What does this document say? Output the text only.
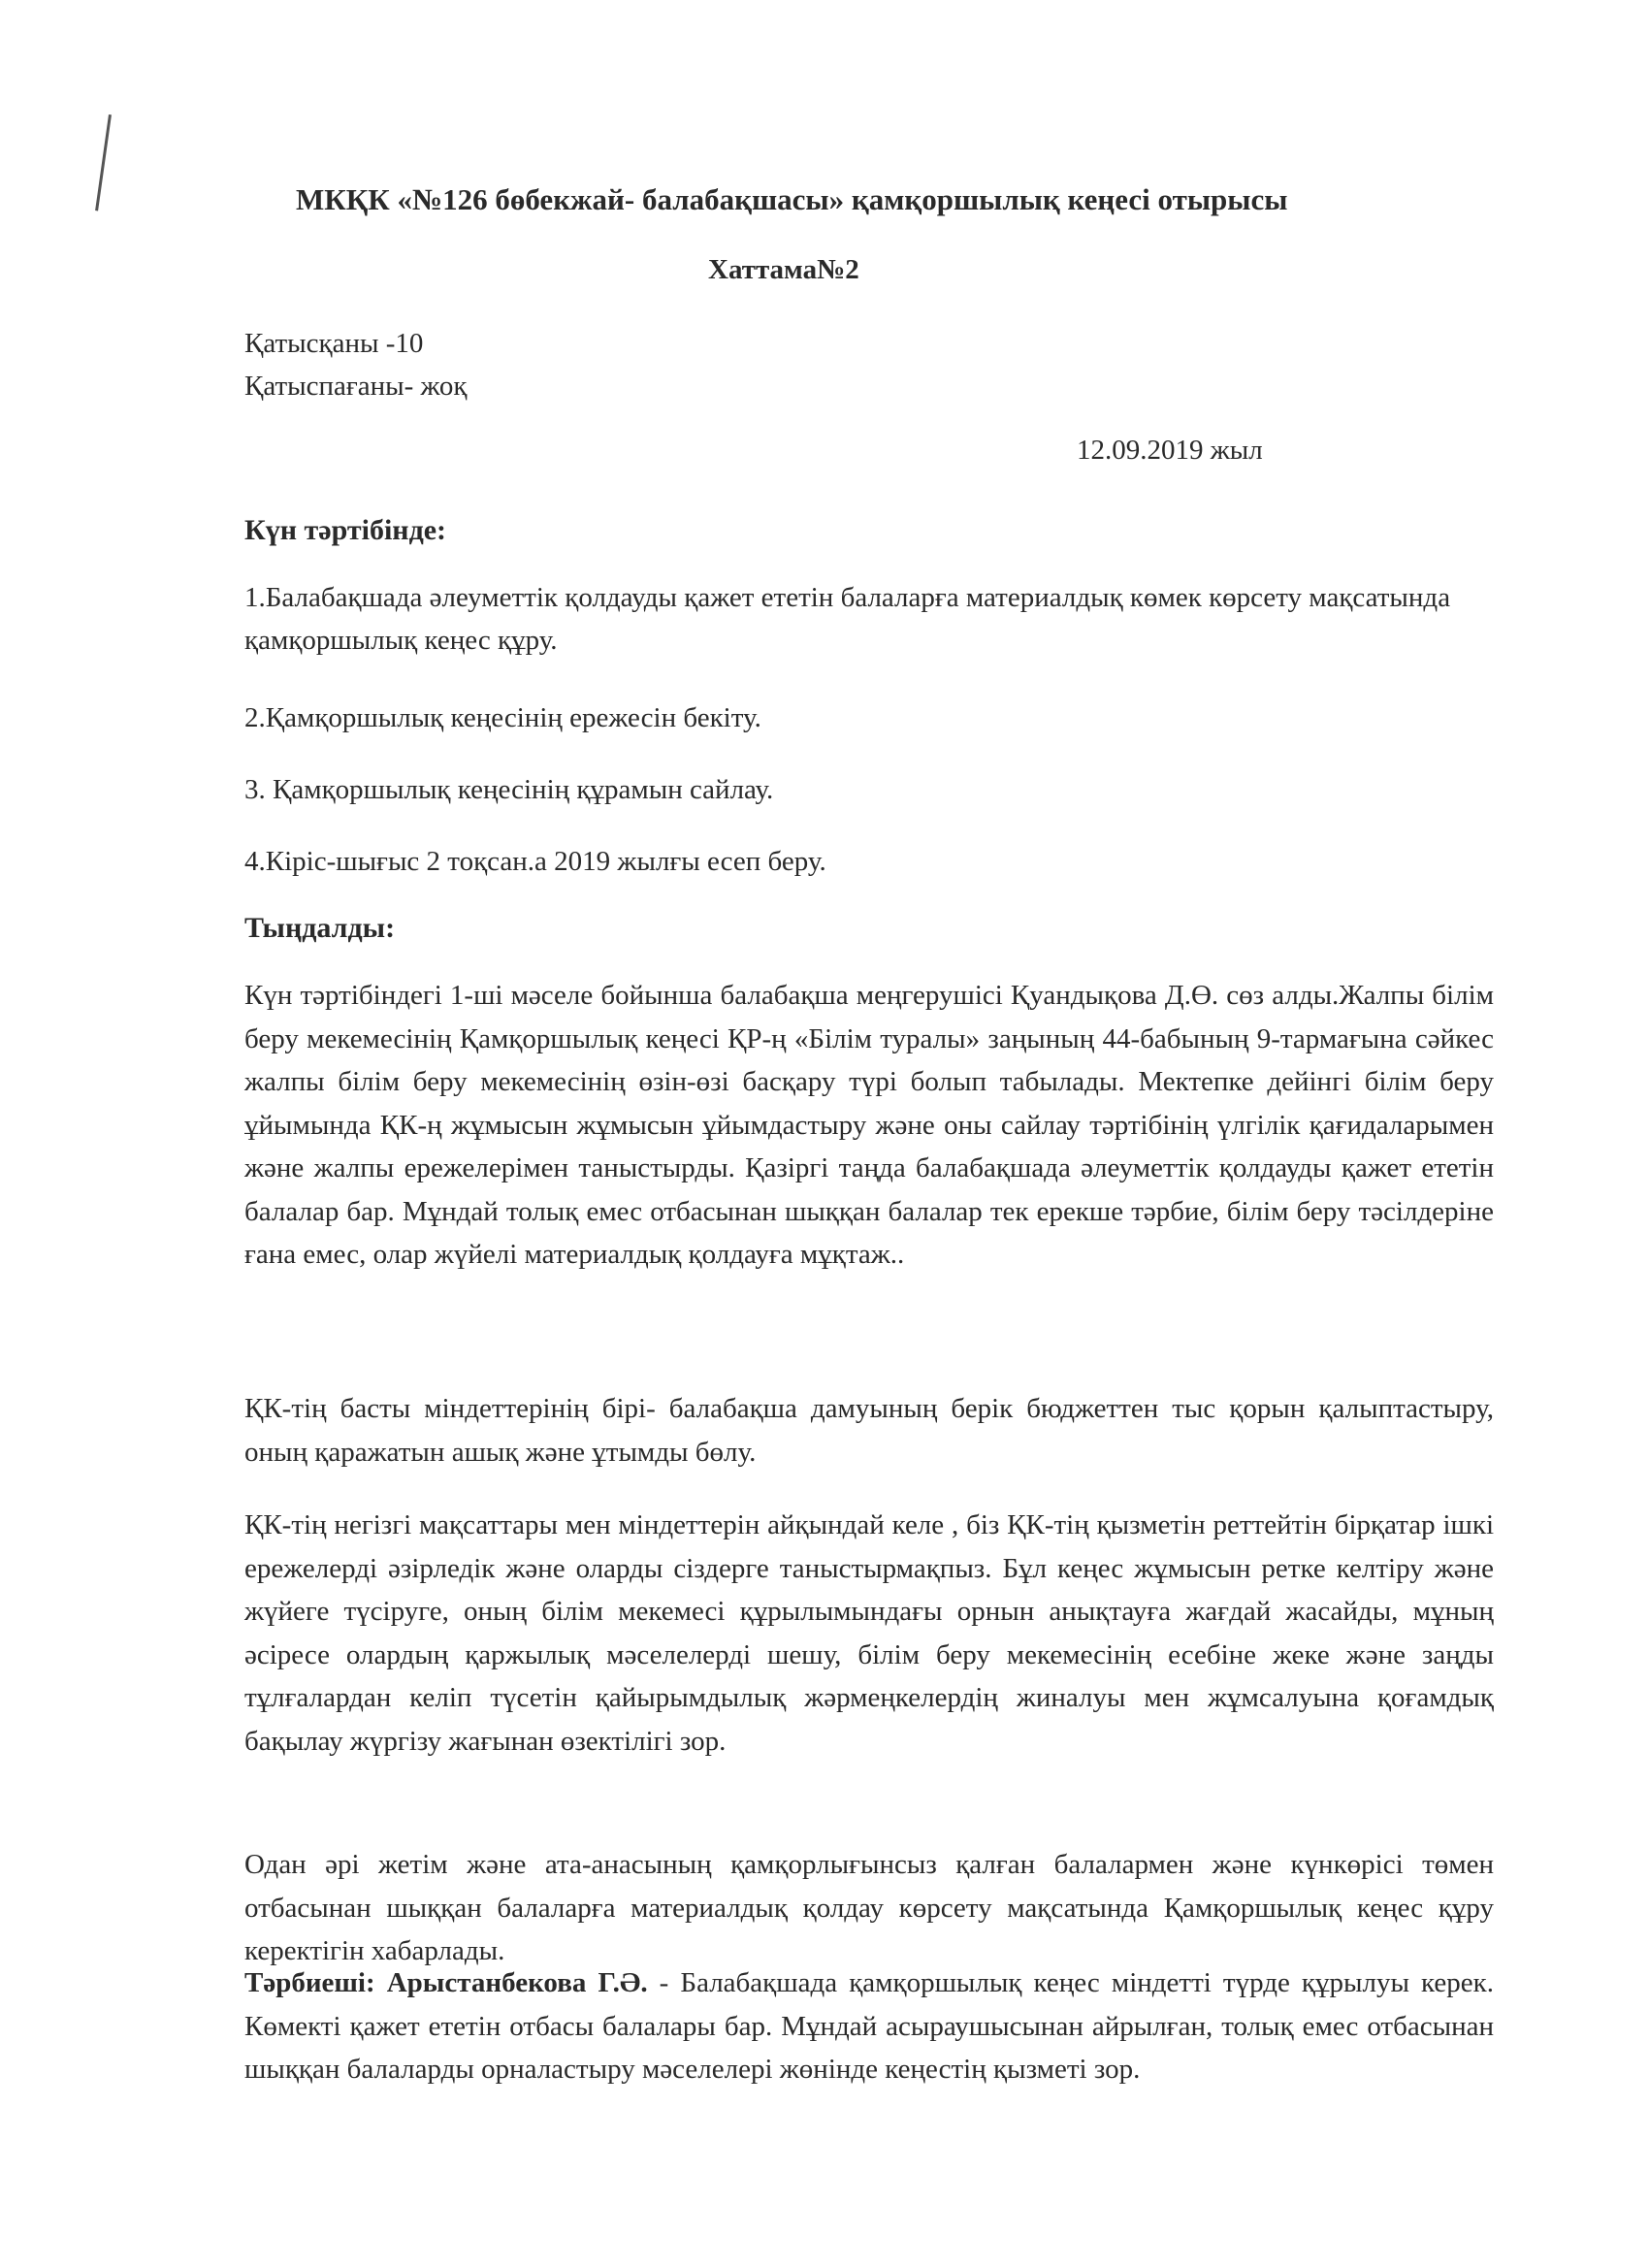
МКҚК «№126 бөбекжай- балабақшасы» қамқоршылық кеңесі отырысы
Хаттама№2
Қатысқаны -10
Қатыспағаны- жоқ
12.09.2019 жыл
Күн тәртібінде:
1.Балабақшада әлеуметтік қолдауды қажет ететін балаларға материалдық көмек көрсету мақсатында қамқоршылық кеңес құру.
2.Қамқоршылық кеңесінің ережесін бекіту.
3. Қамқоршылық кеңесінің құрамын сайлау.
4.Кіріс-шығыс 2 тоқсан.а 2019 жылғы есеп беру.
Тыңдалды:
Күн тәртібіндегі 1-ші мәселе бойынша балабақша меңгерушісі Қуандықова Д.Ө. сөз алды.Жалпы білім беру мекемесінің Қамқоршылық кеңесі ҚР-ң «Білім туралы» заңының 44-бабының 9-тармағына сәйкес жалпы білім беру мекемесінің өзін-өзі басқару түрі болып табылады. Мектепке дейінгі білім беру ұйымында ҚК-ң жұмысын жұмысын ұйымдастыру және оны сайлау тәртібінің үлгілік қағидаларымен және жалпы ережелерімен таныстырды. Қазіргі таңда балабақшада әлеуметтік қолдауды қажет ететін балалар бар. Мұндай толық емес отбасынан шыққан балалар тек ерекше тәрбие, білім беру тәсілдеріне ғана емес, олар жүйелі материалдық қолдауға мұқтаж..
ҚК-тің басты міндеттерінің бірі- балабақша дамуының берік бюджеттен тыс қорын қалыптастыру, оның қаражатын ашық және ұтымды бөлу.
ҚК-тің негізгі мақсаттары мен міндеттерін айқындай келе , біз ҚК-тің қызметін реттейтін бірқатар ішкі ережелерді әзірледік және оларды сіздерге таныстырмақпыз. Бұл кеңес жұмысын ретке келтіру және жүйеге түсіруге, оның білім мекемесі құрылымындағы орнын анықтауға жағдай жасайды, мұның әсіресе олардың қаржылық мәселелерді шешу, білім беру мекемесінің есебіне жеке және заңды тұлғалардан келіп түсетін қайырымдылық жәрмеңкелердің жиналуы мен жұмсалуына қоғамдық бақылау жүргізу жағынан өзектілігі зор.
Одан әрі жетім және ата-анасының қамқорлығынсыз қалған балалармен және күнкөрісі төмен отбасынан шыққан балаларға материалдық қолдау көрсету мақсатында Қамқоршылық кеңес құру керектігін хабарлады.
Тәрбиеші: Арыстанбекова Г.Ә. - Балабақшада қамқоршылық кеңес міндетті түрде құрылуы керек. Көмекті қажет ететін отбасы балалары бар. Мұндай асыраушысынан айрылған, толық емес отбасынан шыққан балаларды орналастыру мәселелері жөнінде кеңестің қызметі зор.
